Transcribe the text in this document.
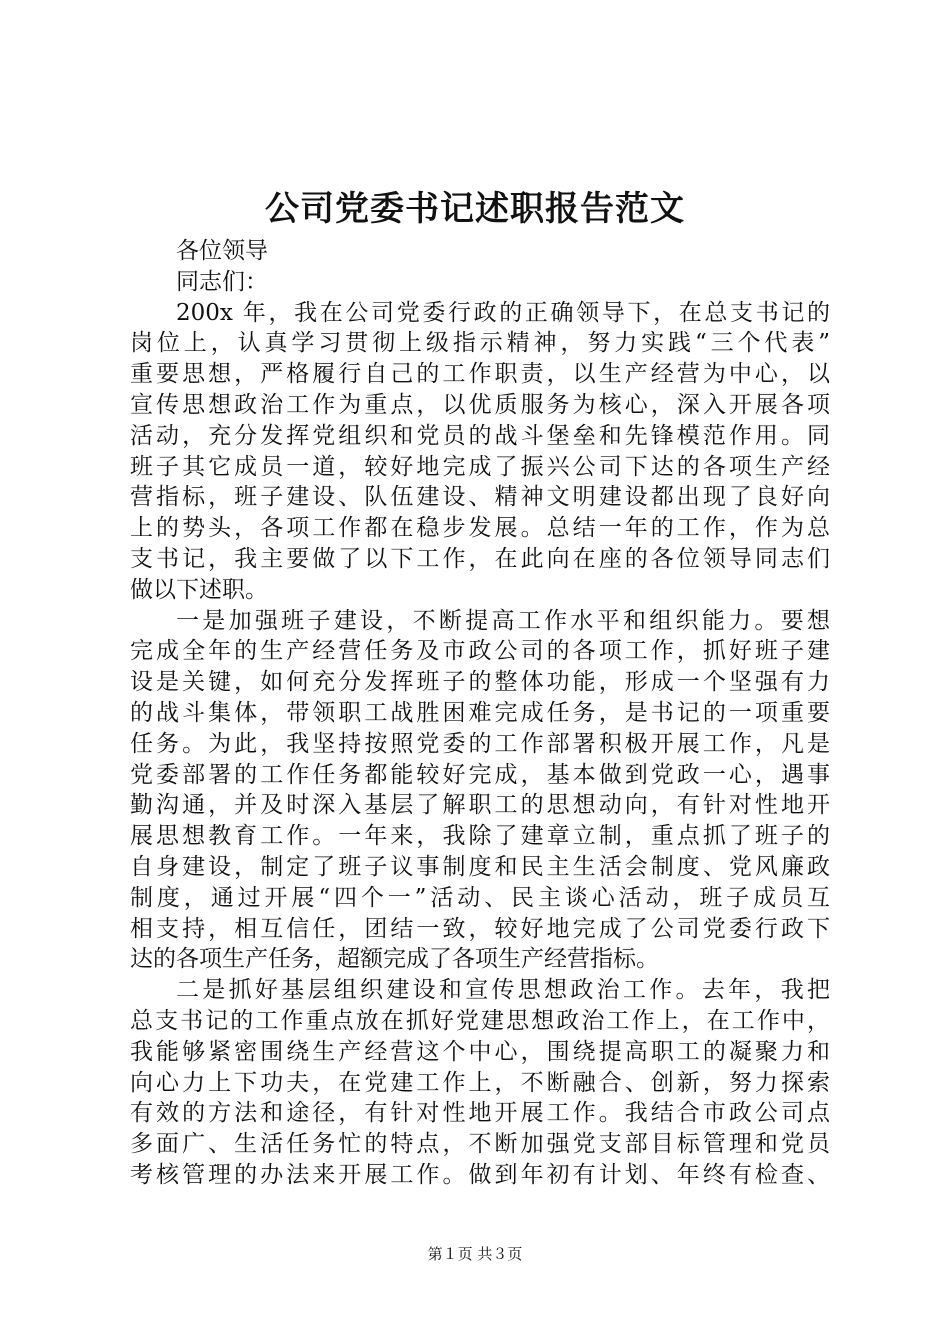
公司党委书记述职报告范文
各位领导
同志们：
200x 年，我在公司党委行政的正确领导下，在总支书记的
岗位上，认真学习贯彻上级指示精神，努力实践“三个代表”
重要思想，严格履行自己的工作职责，以生产经营为中心，以
宣传思想政治工作为重点，以优质服务为核心，深入开展各项
活动，充分发挥党组织和党员的战斗堡垒和先锋模范作用。同
班子其它成员一道，较好地完成了振兴公司下达的各项生产经
营指标，班子建设、队伍建设、精神文明建设都出现了良好向
上的势头，各项工作都在稳步发展。总结一年的工作，作为总
支书记，我主要做了以下工作，在此向在座的各位领导同志们
做以下述职。
一是加强班子建设，不断提高工作水平和组织能力。要想
完成全年的生产经营任务及市政公司的各项工作，抓好班子建
设是关键，如何充分发挥班子的整体功能，形成一个坚强有力
的战斗集体，带领职工战胜困难完成任务，是书记的一项重要
任务。为此，我坚持按照党委的工作部署积极开展工作，凡是
党委部署的工作任务都能较好完成，基本做到党政一心，遇事
勤沟通，并及时深入基层了解职工的思想动向，有针对性地开
展思想教育工作。一年来，我除了建章立制，重点抓了班子的
自身建设，制定了班子议事制度和民主生活会制度、党风廉政
制度，通过开展“四个一”活动、民主谈心活动，班子成员互
相支持，相互信任，团结一致，较好地完成了公司党委行政下
达的各项生产任务，超额完成了各项生产经营指标。
二是抓好基层组织建设和宣传思想政治工作。去年，我把
总支书记的工作重点放在抓好党建思想政治工作上，在工作中，
我能够紧密围绕生产经营这个中心，围绕提高职工的凝聚力和
向心力上下功夫，在党建工作上，不断融合、创新，努力探索
有效的方法和途径，有针对性地开展工作。我结合市政公司点
多面广、生活任务忙的特点，不断加强党支部目标管理和党员
考核管理的办法来开展工作。做到年初有计划、年终有检查、
第１页 共３页
